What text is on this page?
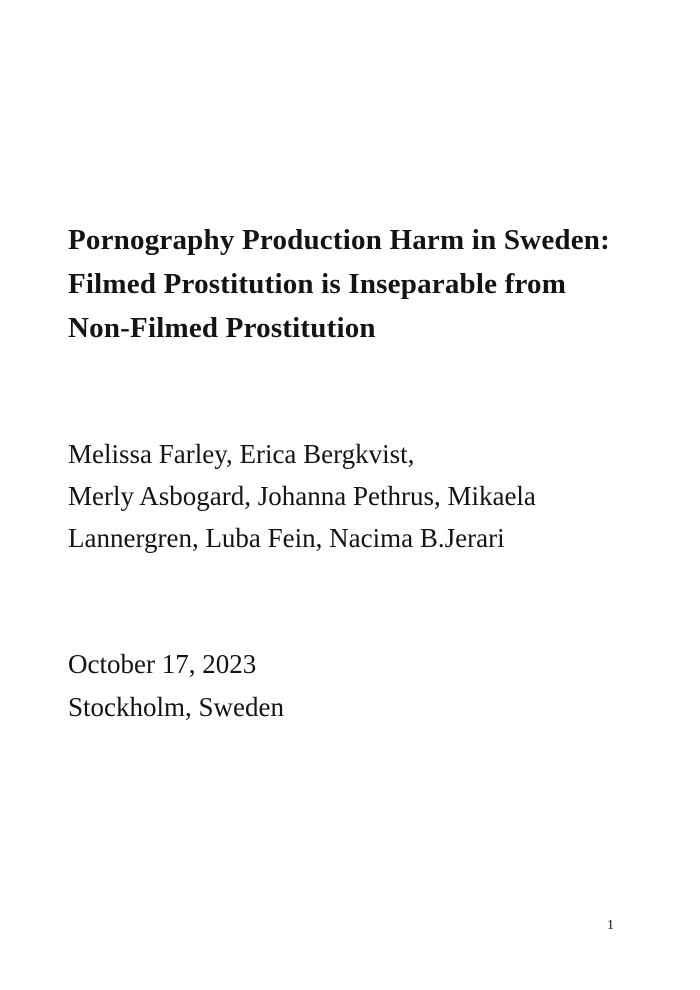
Pornography Production Harm in Sweden:
Filmed Prostitution is Inseparable from
Non-Filmed Prostitution
Melissa Farley, Erica Bergkvist,
Merly Asbogard, Johanna Pethrus, Mikaela
Lannergren, Luba Fein, Nacima B.Jerari
October 17, 2023
Stockholm, Sweden
1
